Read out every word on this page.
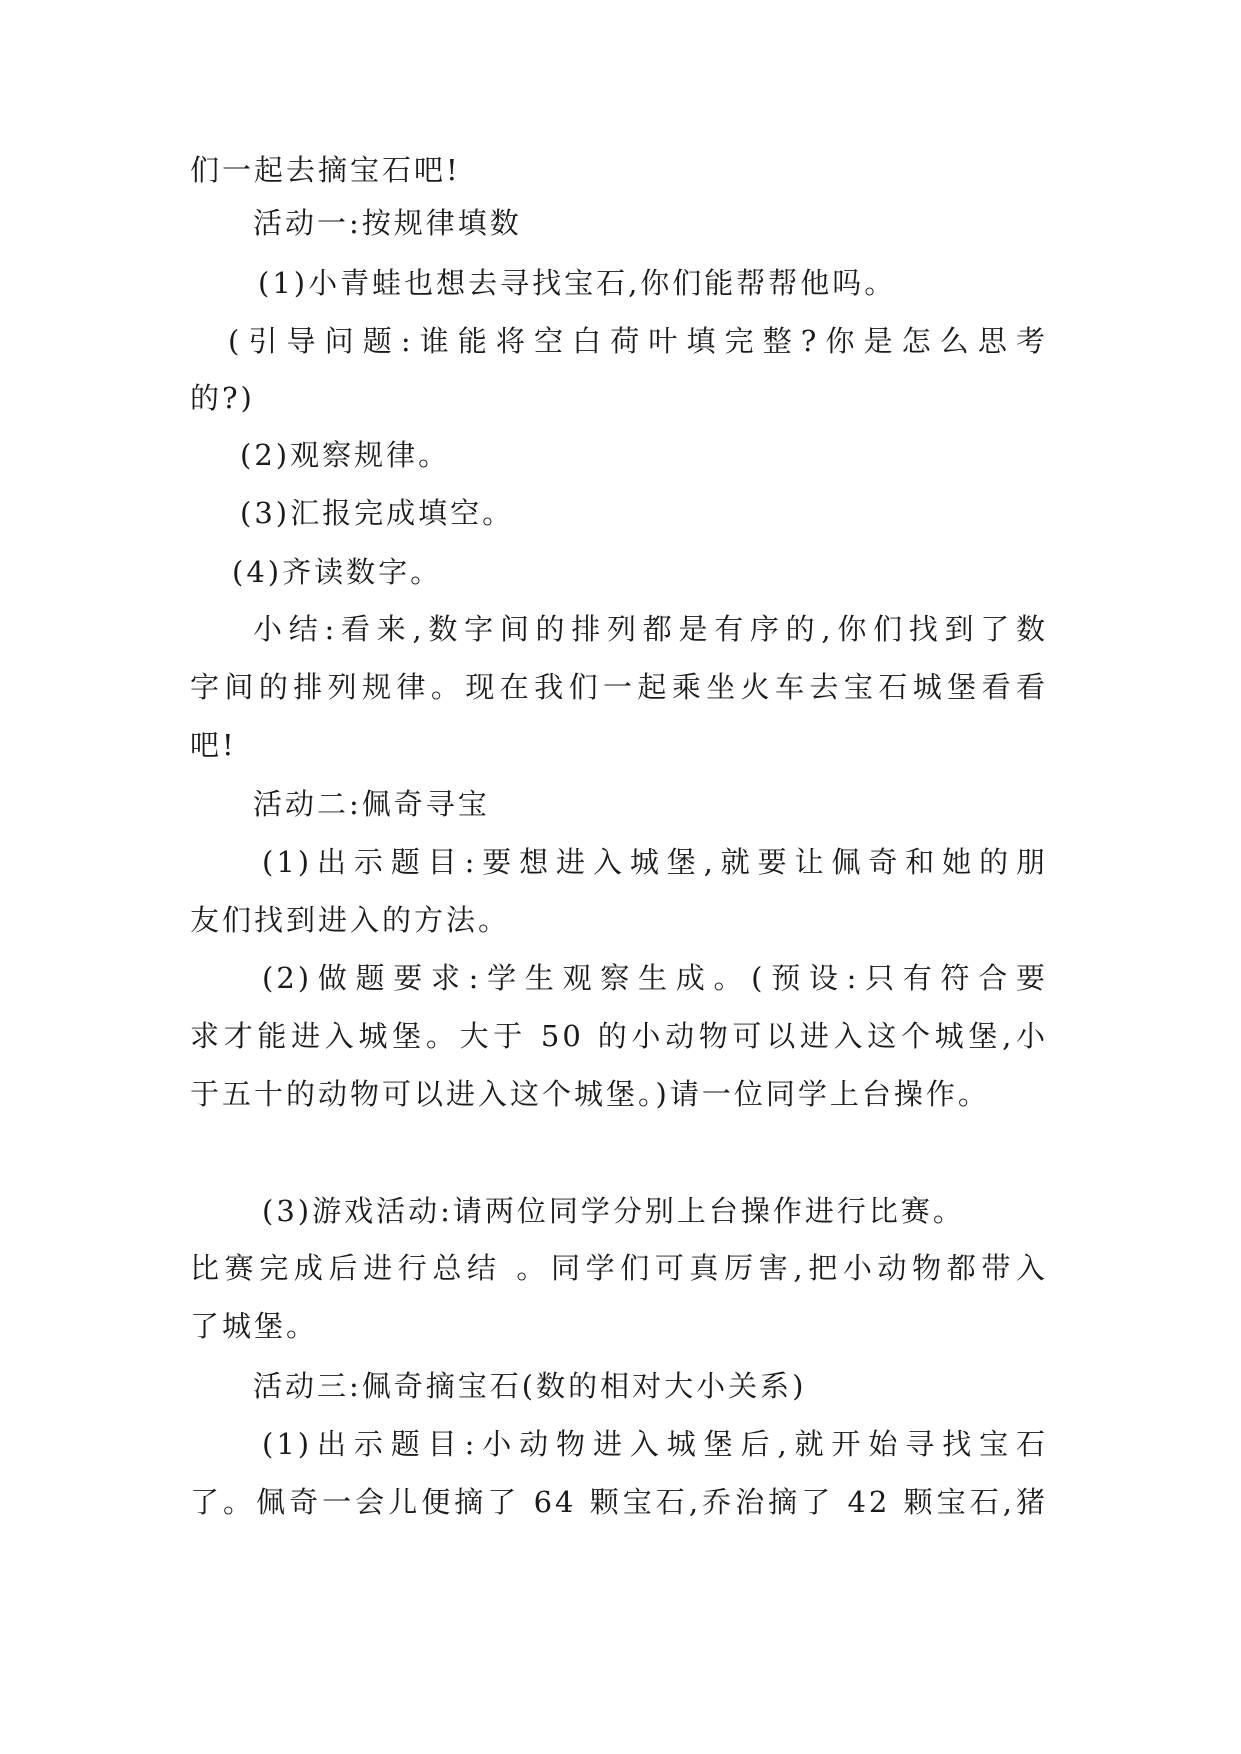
们一起去摘宝石吧!
活动一:按规律填数
(1)小青蛙也想去寻找宝石,你们能帮帮他吗。
(引导问题:谁能将空白荷叶填完整?你是怎么思考
的?)
(2)观察规律。
(3)汇报完成填空。
(4)齐读数字。
小结:看来,数字间的排列都是有序的,你们找到了数
字间的排列规律。现在我们一起乘坐火车去宝石城堡看看
吧!
活动二:佩奇寻宝
(1)出示题目:要想进入城堡,就要让佩奇和她的朋
友们找到进入的方法。
(2)做题要求:学生观察生成。(预设:只有符合要
求才能进入城堡。大于 50 的小动物可以进入这个城堡,小
于五十的动物可以进入这个城堡。)请一位同学上台操作。
(3)游戏活动:请两位同学分别上台操作进行比赛。
比赛完成后进行总结 。同学们可真厉害,把小动物都带入
了城堡。
活动三:佩奇摘宝石(数的相对大小关系)
(1)出示题目:小动物进入城堡后,就开始寻找宝石
了。佩奇一会儿便摘了 64 颗宝石,乔治摘了 42 颗宝石,猪
